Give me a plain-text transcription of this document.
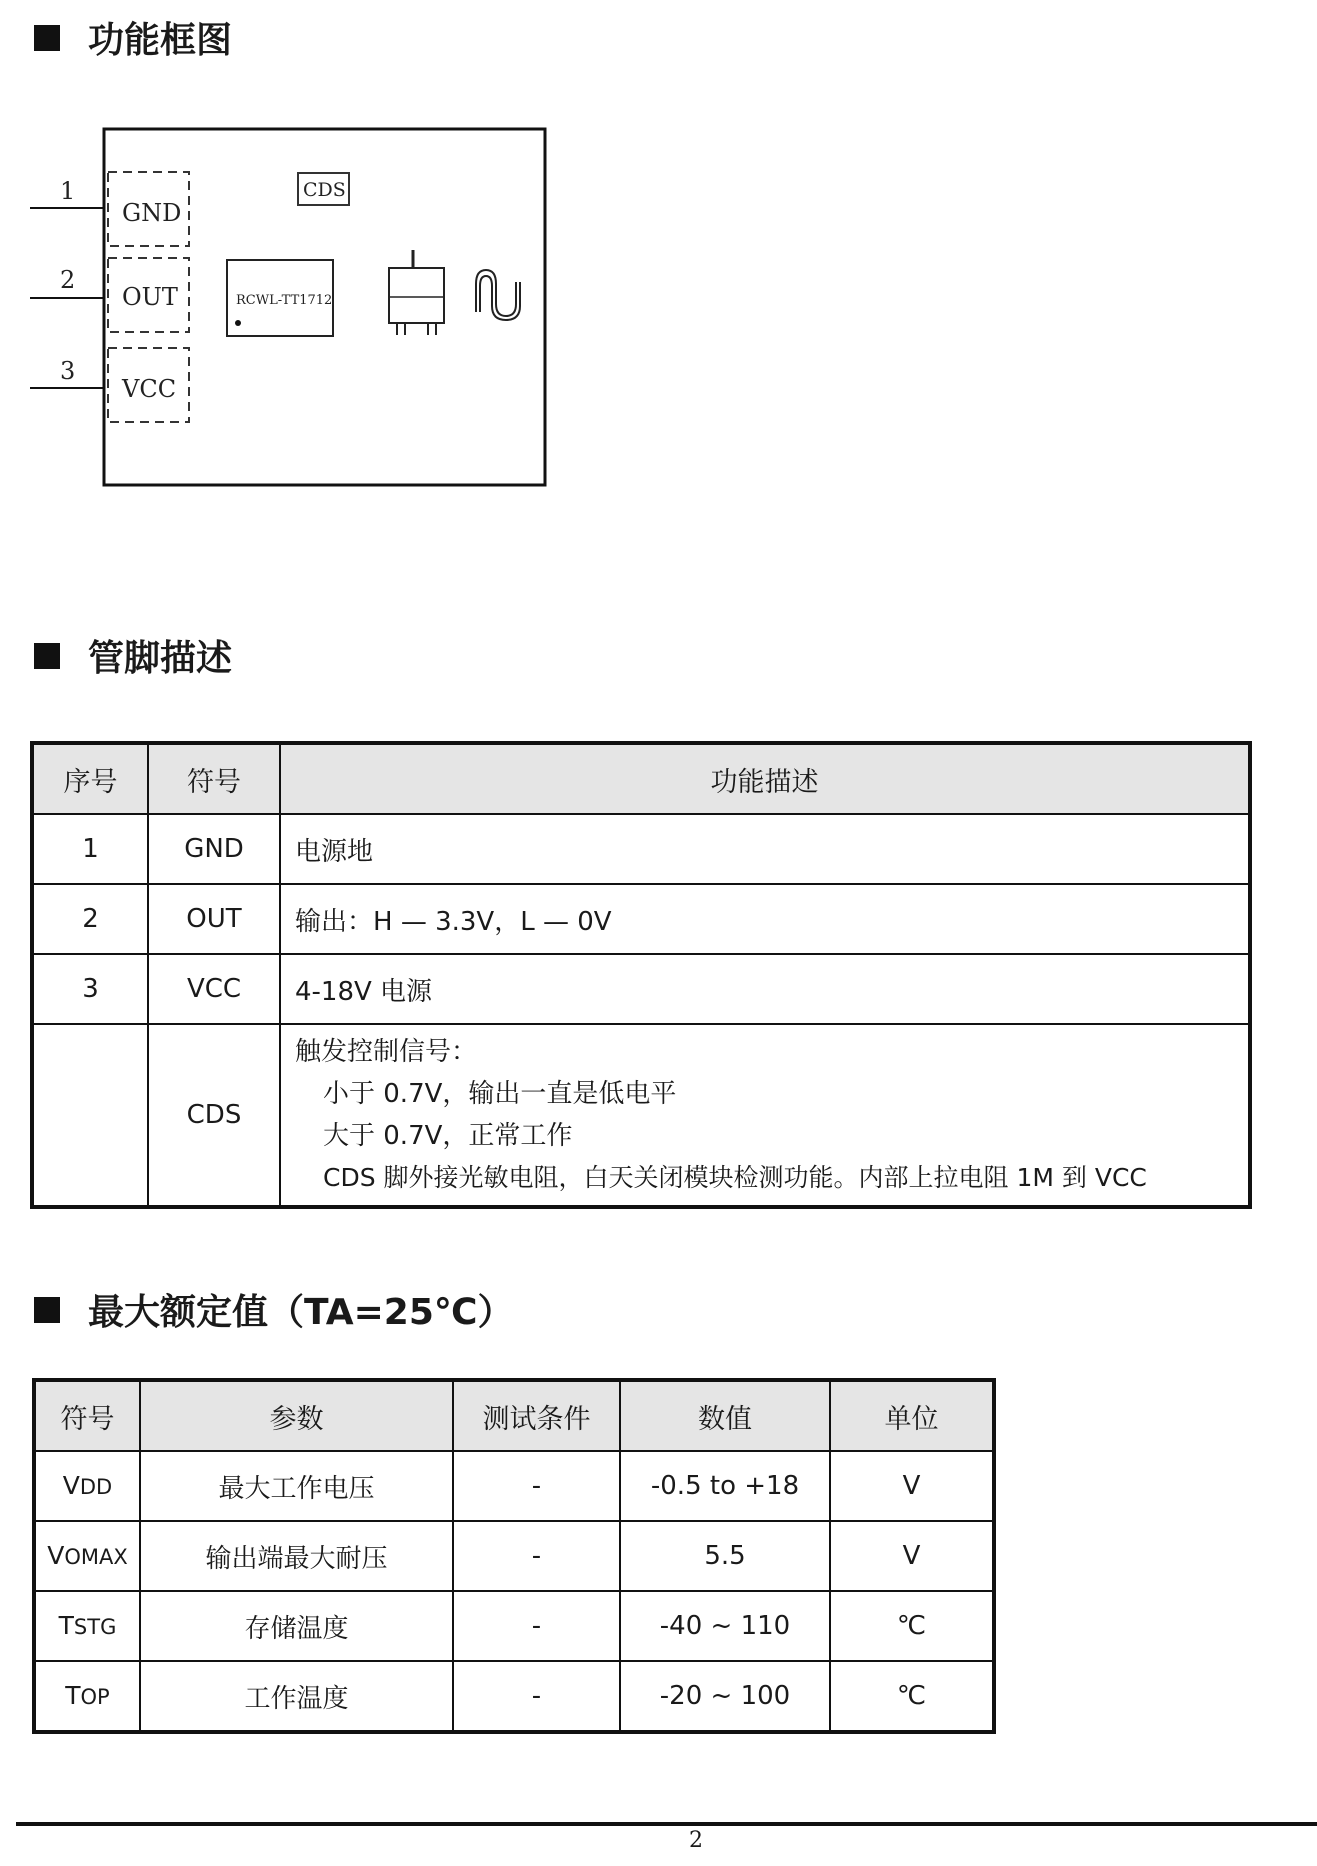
功能框图
1
GND
2
OUT
3
VCC
CDS
RCWL-TT1712
管脚描述
序号	符号	功能描述
1	GND	电源地
2	OUT	输出：H — 3.3V，L — 0V
3	VCC	4-18V 电源
	CDS	触发控制信号：
小于 0.7V，输出一直是低电平
大于 0.7V，正常工作
CDS 脚外接光敏电阻，白天关闭模块检测功能。内部上拉电阻 1M 到 VCC
最大额定值（TA=25℃）
符号	参数	测试条件	数值	单位
VDD	最大工作电压	-	-0.5 to +18	V
VOMAX	输出端最大耐压	-	5.5	V
TSTG	存储温度	-	-40 ~ 110	℃
TOP	工作温度	-	-20 ~ 100	℃
2
